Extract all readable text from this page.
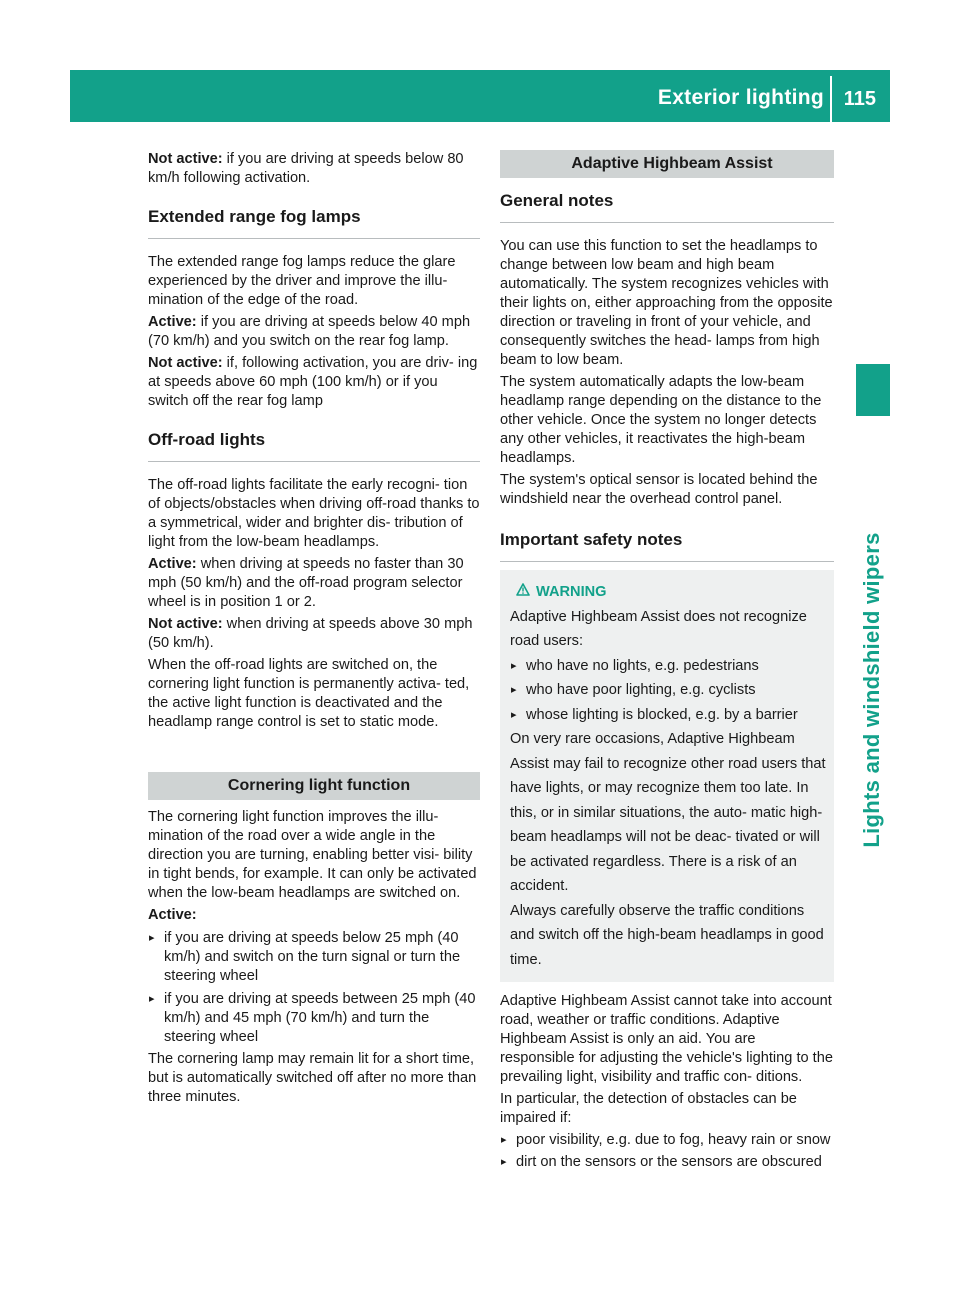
Exterior lighting 115
Lights and windshield wipers

Not active: if you are driving at speeds below 80 km/h following activation.

Extended range fog lamps

The extended range fog lamps reduce the glare experienced by the driver and improve the illu- mination of the edge of the road.

Active: if you are driving at speeds below 40 mph (70 km/h) and you switch on the rear fog lamp.

Not active: if, following activation, you are driv- ing at speeds above 60 mph (100 km/h) or if you switch off the rear fog lamp

Off-road lights

The off-road lights facilitate the early recogni- tion of objects/obstacles when driving off-road thanks to a symmetrical, wider and brighter dis- tribution of light from the low-beam headlamps.

Active: when driving at speeds no faster than 30 mph (50 km/h) and the off-road program selector wheel is in position 1 or 2.

Not active: when driving at speeds above 30 mph (50 km/h).

When the off-road lights are switched on, the cornering light function is permanently activa- ted, the active light function is deactivated and the headlamp range control is set to static mode.

Cornering light function

The cornering light function improves the illu- mination of the road over a wide angle in the direction you are turning, enabling better visi- bility in tight bends, for example. It can only be activated when the low-beam headlamps are switched on.

Active:

▸ if you are driving at speeds below 25 mph (40 km/h) and switch on the turn signal or turn the steering wheel
▸ if you are driving at speeds between 25 mph (40 km/h) and 45 mph (70 km/h) and turn the steering wheel

The cornering lamp may remain lit for a short time, but is automatically switched off after no more than three minutes.

Adaptive Highbeam Assist
General notes

You can use this function to set the headlamps to change between low beam and high beam automatically. The system recognizes vehicles with their lights on, either approaching from the opposite direction or traveling in front of your vehicle, and consequently switches the head- lamps from high beam to low beam.

The system automatically adapts the low-beam headlamp range depending on the distance to the other vehicle. Once the system no longer detects any other vehicles, it reactivates the high-beam headlamps.

The system's optical sensor is located behind the windshield near the overhead control panel.

Important safety notes
WARNING

Adaptive Highbeam Assist does not recognize road users:

▸ who have no lights, e.g. pedestrians
▸ who have poor lighting, e.g. cyclists
▸ whose lighting is blocked, e.g. by a barrier

On very rare occasions, Adaptive Highbeam Assist may fail to recognize other road users that have lights, or may recognize them too late. In this, or in similar situations, the auto- matic high-beam headlamps will not be deac- tivated or will be activated regardless. There is a risk of an accident.

Always carefully observe the traffic conditions and switch off the high-beam headlamps in good time.

Adaptive Highbeam Assist cannot take into account road, weather or traffic conditions. Adaptive Highbeam Assist is only an aid. You are responsible for adjusting the vehicle's lighting to the prevailing light, visibility and traffic con- ditions.

In particular, the detection of obstacles can be impaired if:

▸ poor visibility, e.g. due to fog, heavy rain or snow
▸ dirt on the sensors or the sensors are obscured
